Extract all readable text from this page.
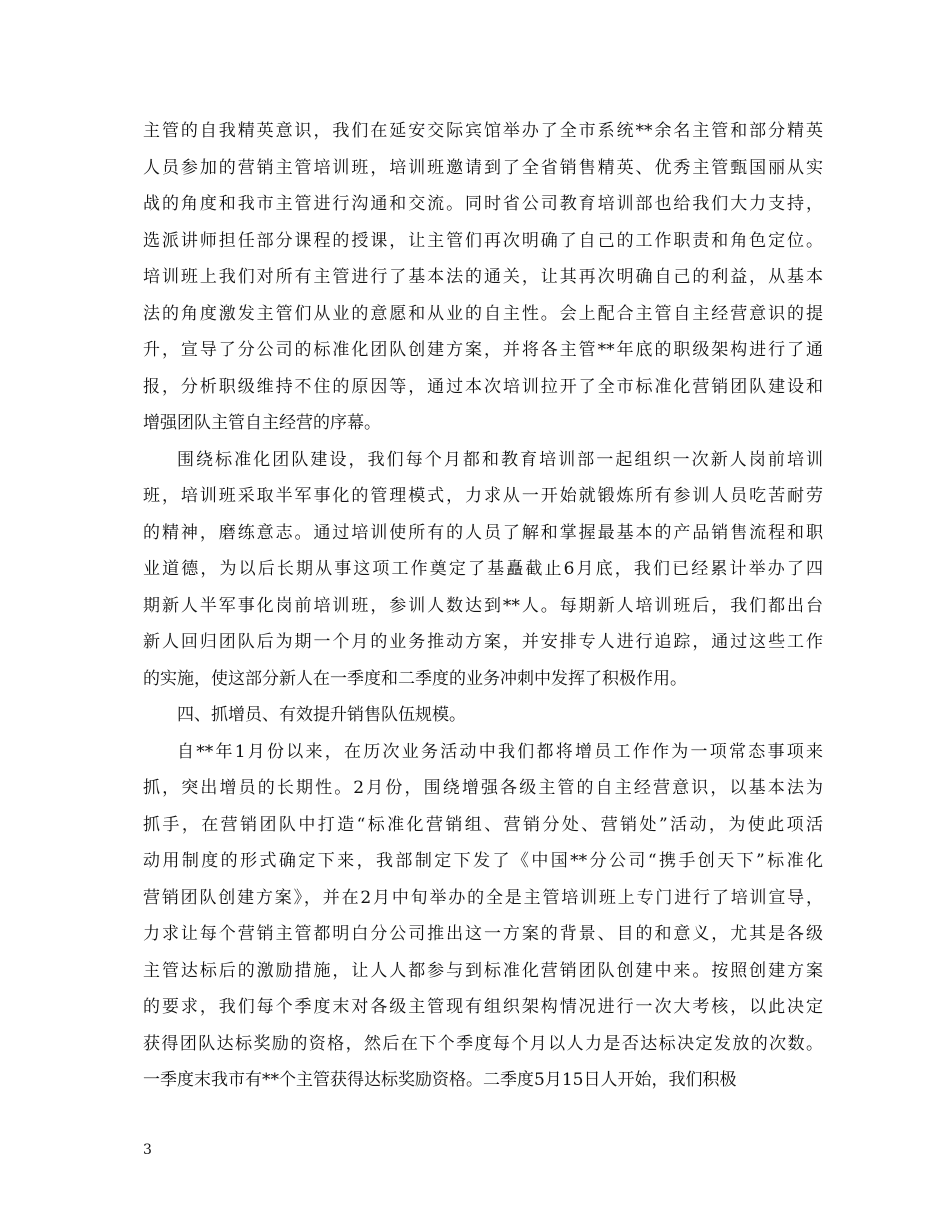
主管的自我精英意识，我们在延安交际宾馆举办了全市系统**余名主管和部分精英
人员参加的营销主管培训班，培训班邀请到了全省销售精英、优秀主管甄国丽从实
战的角度和我市主管进行沟通和交流。同时省公司教育培训部也给我们大力支持，
选派讲师担任部分课程的授课，让主管们再次明确了自己的工作职责和角色定位。
培训班上我们对所有主管进行了基本法的通关，让其再次明确自己的利益，从基本
法的角度激发主管们从业的意愿和从业的自主性。会上配合主管自主经营意识的提
升，宣导了分公司的标准化团队创建方案，并将各主管**年底的职级架构进行了通
报，分析职级维持不住的原因等，通过本次培训拉开了全市标准化营销团队建设和
增强团队主管自主经营的序幕。
围绕标准化团队建设，我们每个月都和教育培训部一起组织一次新人岗前培训
班，培训班采取半军事化的管理模式，力求从一开始就锻炼所有参训人员吃苦耐劳
的精神，磨练意志。通过培训使所有的人员了解和掌握最基本的产品销售流程和职
业道德，为以后长期从事这项工作奠定了基矗截止6月底，我们已经累计举办了四
期新人半军事化岗前培训班，参训人数达到**人。每期新人培训班后，我们都出台
新人回归团队后为期一个月的业务推动方案，并安排专人进行追踪，通过这些工作
的实施，使这部分新人在一季度和二季度的业务冲刺中发挥了积极作用。
四、抓增员、有效提升销售队伍规模。
自**年1月份以来，在历次业务活动中我们都将增员工作作为一项常态事项来
抓，突出增员的长期性。2月份，围绕增强各级主管的自主经营意识，以基本法为
抓手，在营销团队中打造“标准化营销组、营销分处、营销处”活动，为使此项活
动用制度的形式确定下来，我部制定下发了《中国**分公司“携手创天下”标准化
营销团队创建方案》，并在2月中旬举办的全是主管培训班上专门进行了培训宣导，
力求让每个营销主管都明白分公司推出这一方案的背景、目的和意义，尤其是各级
主管达标后的激励措施，让人人都参与到标准化营销团队创建中来。按照创建方案
的要求，我们每个季度末对各级主管现有组织架构情况进行一次大考核，以此决定
获得团队达标奖励的资格，然后在下个季度每个月以人力是否达标决定发放的次数。
一季度末我市有**个主管获得达标奖励资格。二季度5月15日人开始，我们积极
3
